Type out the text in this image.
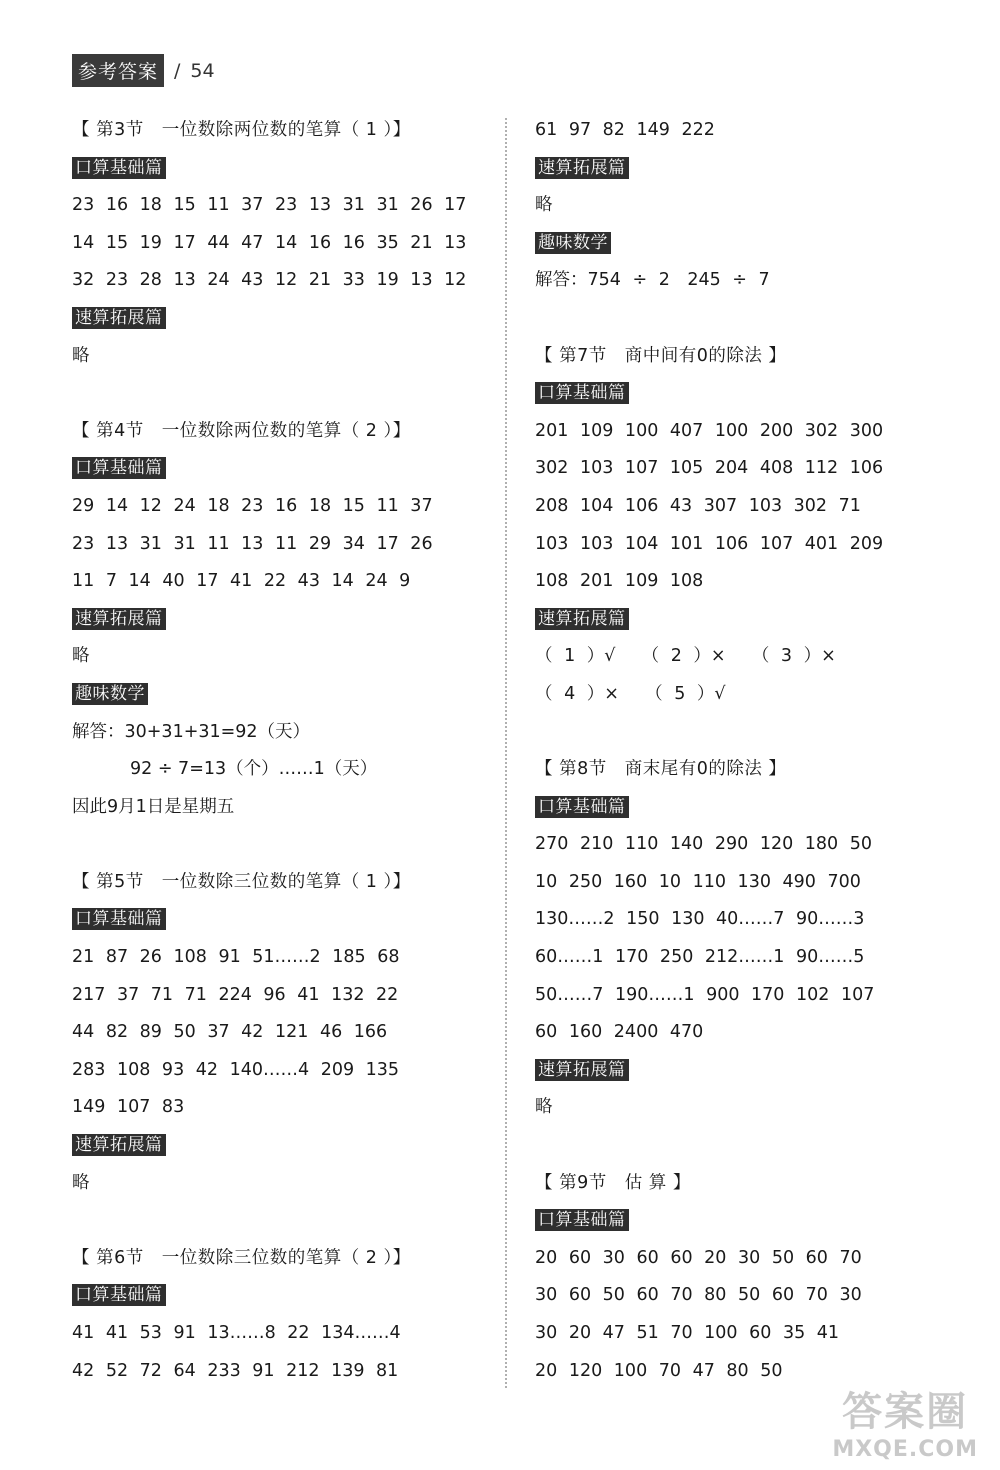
参考答案 / 54
【 第3节　一位数除两位数的笔算（ 1 ）】
口算基础篇
23 16 18 15 11 37 23 13 31 31 26 17
14 15 19 17 44 47 14 16 16 35 21 13
32 23 28 13 24 43 12 21 33 19 13 12
速算拓展篇
略
【 第4节　一位数除两位数的笔算（ 2 ）】
口算基础篇
29 14 12 24 18 23 16 18 15 11 37
23 13 31 31 11 13 11 29 34 17 26
11 7 14 40 17 41 22 43 14 24 9
速算拓展篇
略
趣味数学
解答：30+31+31=92（天）
92 ÷ 7=13（个）……1（天）
因此9月1日是星期五
【 第5节　一位数除三位数的笔算（ 1 ）】
口算基础篇
21 87 26 108 91 51……2 185 68
217 37 71 71 224 96 41 132 22
44 82 89 50 37 42 121 46 166
283 108 93 42 140……4 209 135
149 107 83
速算拓展篇
略
【 第6节　一位数除三位数的笔算（ 2 ）】
口算基础篇
41 41 53 91 13……8 22 134……4
42 52 72 64 233 91 212 139 81
61 97 82 149 222
速算拓展篇
略
趣味数学
解答：754 ÷ 2　245 ÷ 7
【 第7节　商中间有0的除法 】
口算基础篇
201 109 100 407 100 200 302 300
302 103 107 105 204 408 112 106
208 104 106 43 307 103 302 71
103 103 104 101 106 107 401 209
108 201 109 108
速算拓展篇
（ 1 ）√　　（ 2 ）×　　（ 3 ）×
（ 4 ）×　　（ 5 ）√
【 第8节　商末尾有0的除法 】
口算基础篇
270 210 110 140 290 120 180 50
10 250 160 10 110 130 490 700
130……2 150 130 40……7 90……3
60……1 170 250 212……1 90……5
50……7 190……1 900 170 102 107
60 160 2400 470
速算拓展篇
略
【 第9节　估 算 】
口算基础篇
20 60 30 60 60 20 30 50 60 70
30 60 50 60 70 80 50 60 70 30
30 20 47 51 70 100 60 35 41
20 120 100 70 47 80 50
答案圈
MXQE.COM
